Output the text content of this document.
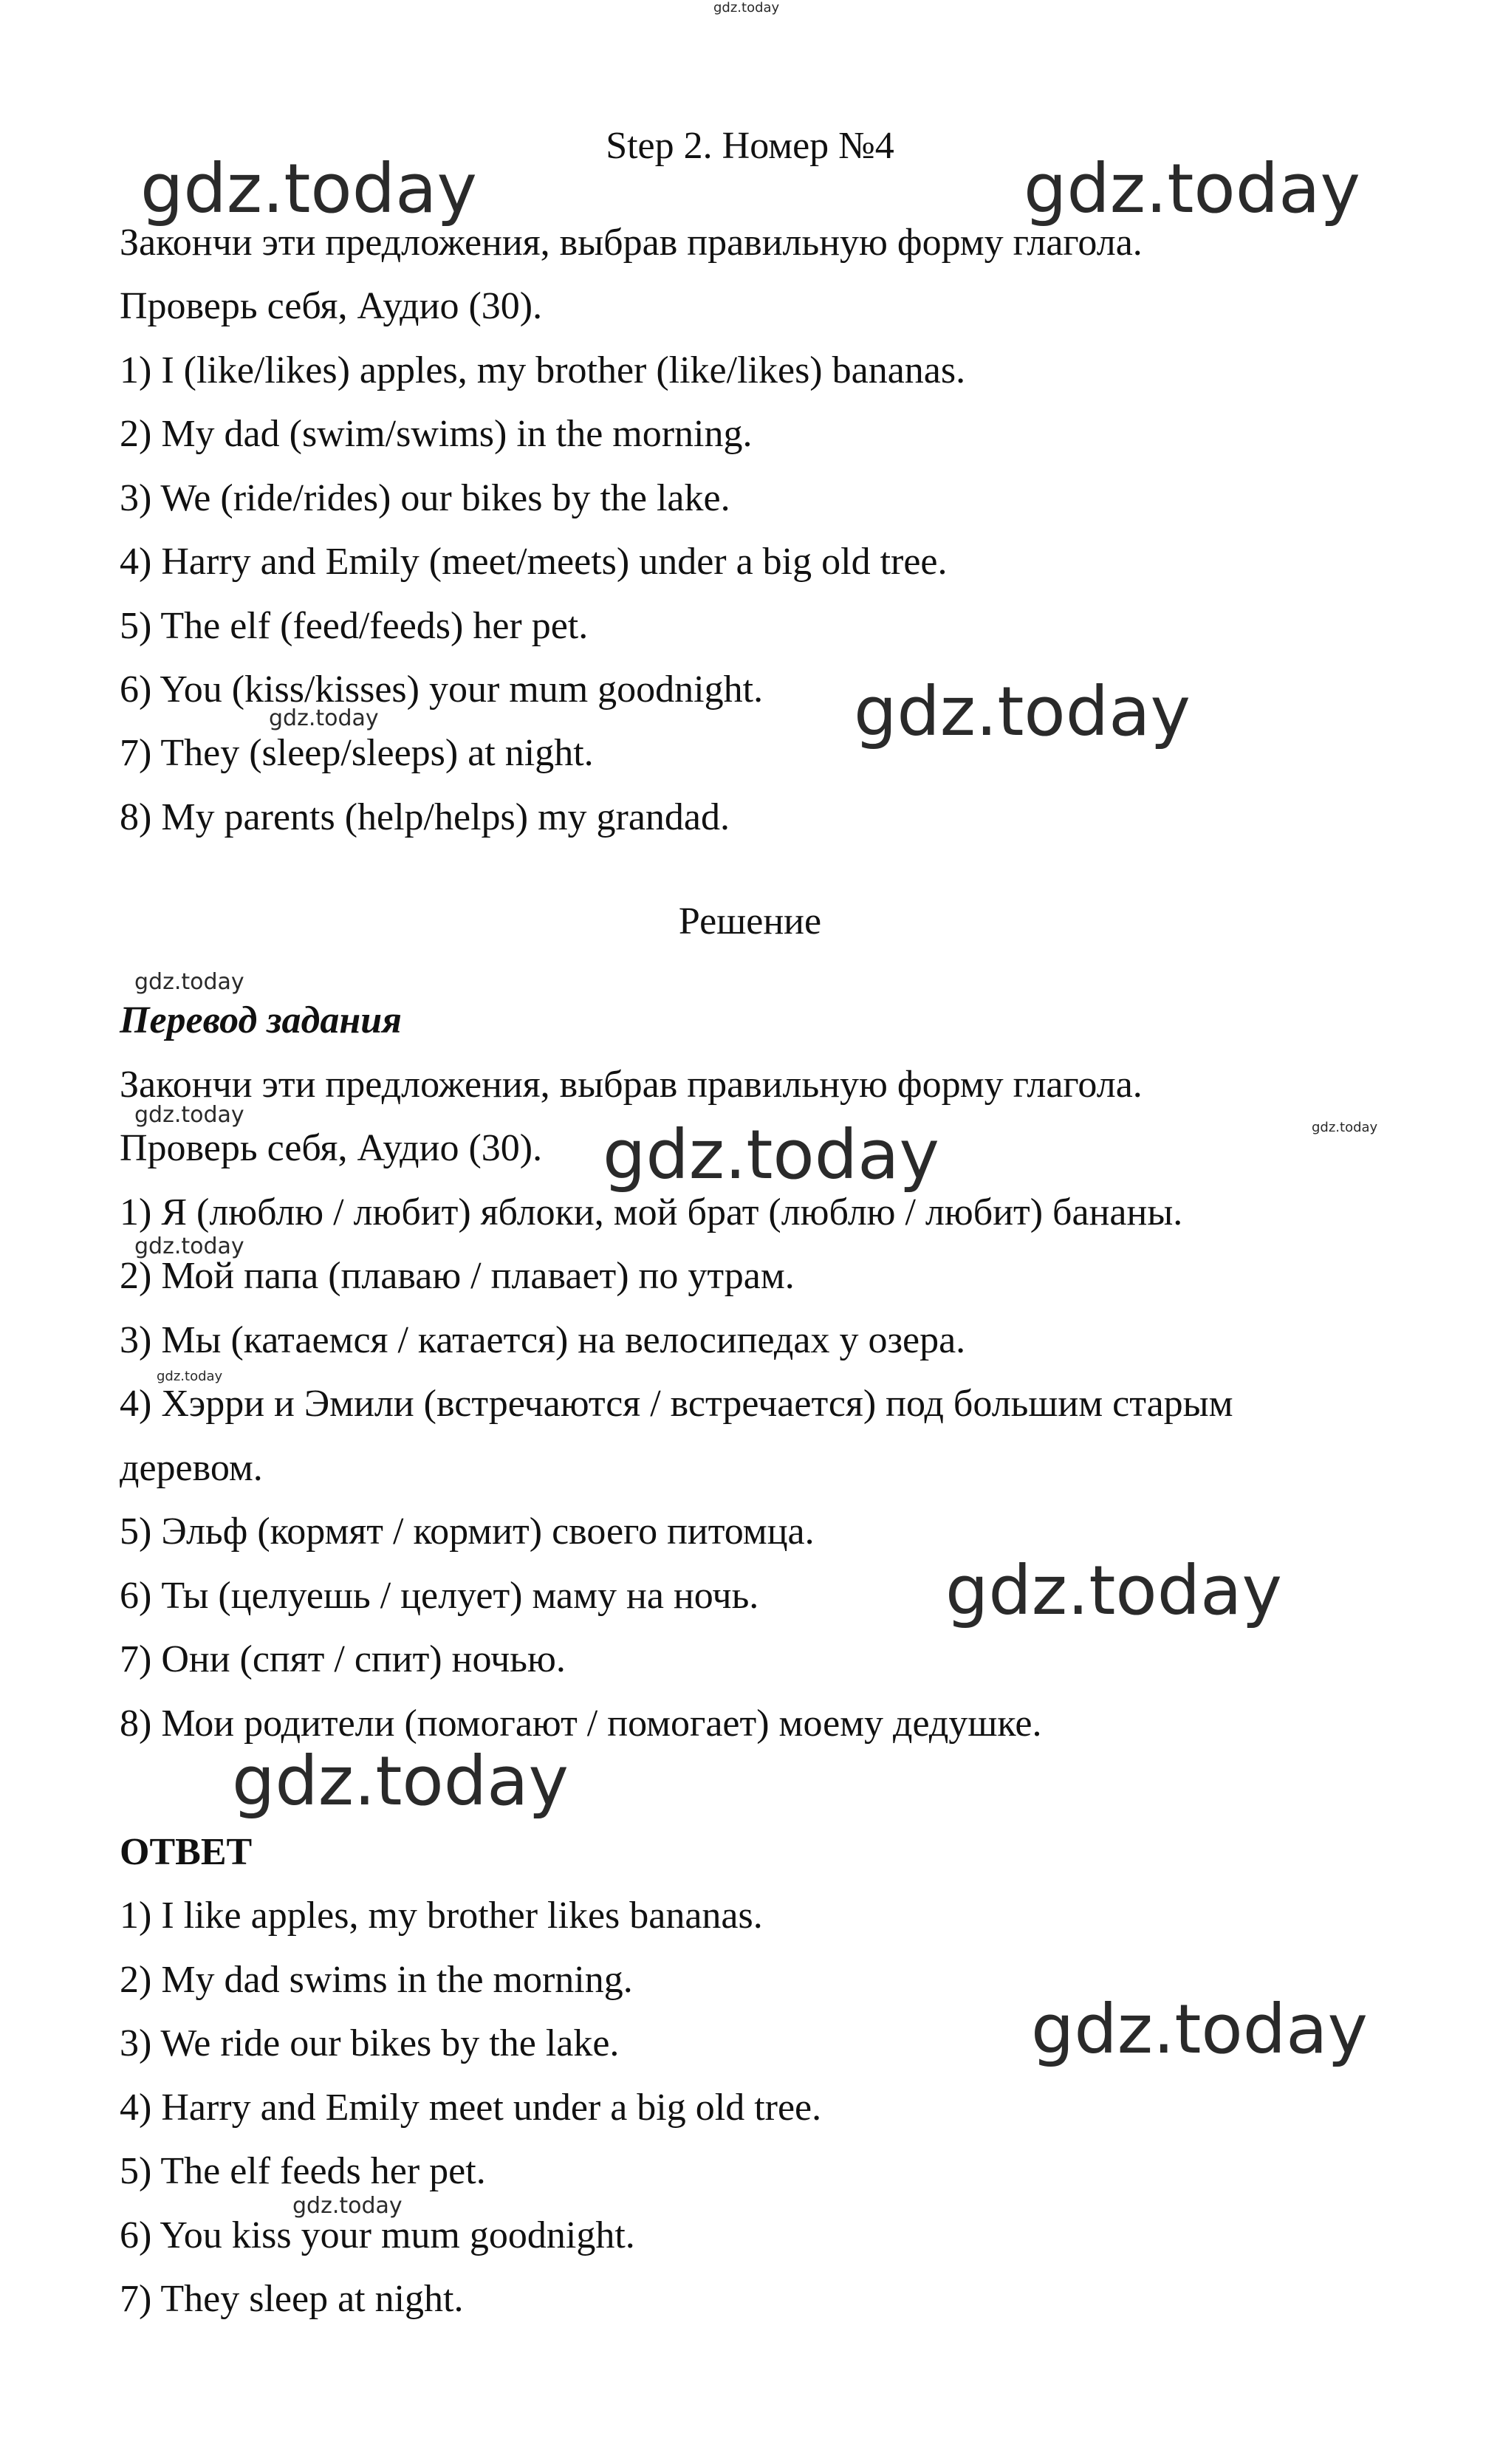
Step 2. Номер №4
Закончи эти предложения, выбрав правильную форму глагола.
Проверь себя, Аудио (30).
1) I (like/likes) apples, my brother (like/likes) bananas.
2) My dad (swim/swims) in the morning.
3) We (ride/rides) our bikes by the lake.
4) Harry and Emily (meet/meets) under a big old tree.
5) The elf (feed/feeds) her pet.
6) You (kiss/kisses) your mum goodnight.
7) They (sleep/sleeps) at night.
8) My parents (help/helps) my grandad.
Решение
Перевод задания
Закончи эти предложения, выбрав правильную форму глагола.
Проверь себя, Аудио (30).
1) Я (люблю / любит) яблоки, мой брат (люблю / любит) бананы.
2) Мой папа (плаваю / плавает) по утрам.
3) Мы (катаемся / катается) на велосипедах у озера.
4) Хэрри и Эмили (встречаются / встречается) под большим старым
деревом.
5) Эльф (кормят / кормит) своего питомца.
6) Ты (целуешь / целует) маму на ночь.
7) Они (спят / спит) ночью.
8) Мои родители (помогают / помогает) моему дедушке.
ОТВЕТ
1) I like apples, my brother likes bananas.
2) My dad swims in the morning.
3) We ride our bikes by the lake.
4) Harry and Emily meet under a big old tree.
5) The elf feeds her pet.
6) You kiss your mum goodnight.
7) They sleep at night.
gdz.today
gdz.today	gdz.today
gdz.today	gdz.today
gdz.today
gdz.today	gdz.today
gdz.today
gdz.today
gdz.today
gdz.today
gdz.today
gdz.today
gdz.today
